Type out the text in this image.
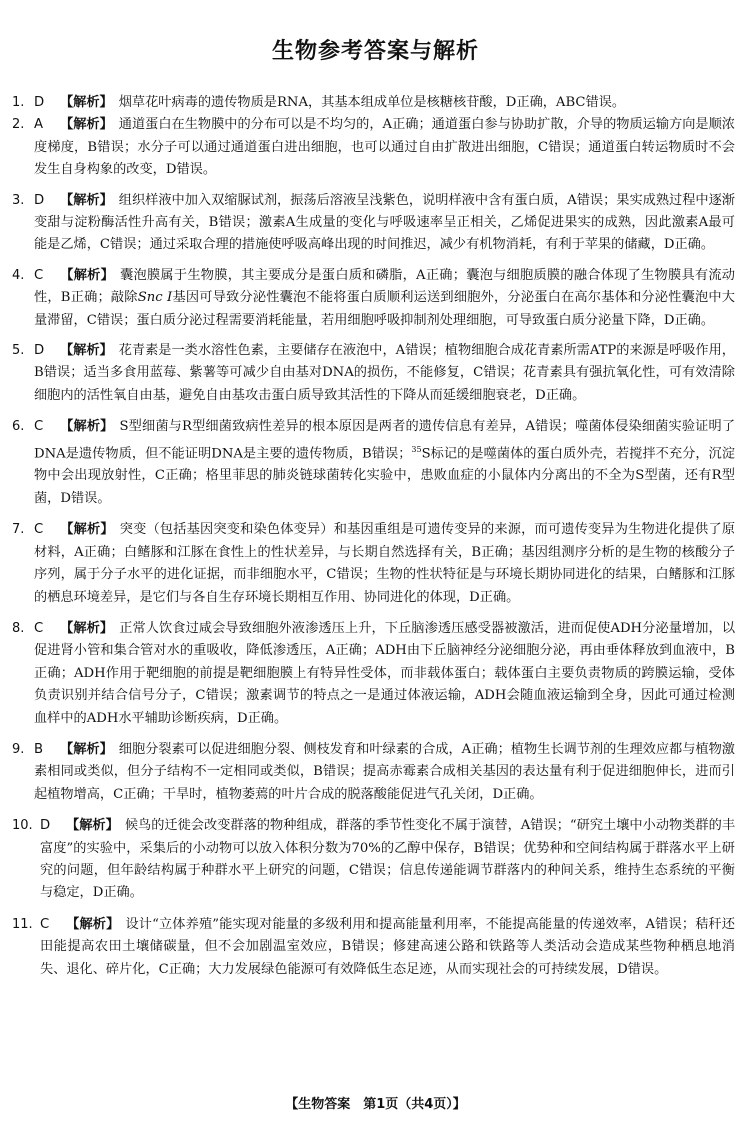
生物参考答案与解析
1. D 【解析】 烟草花叶病毒的遗传物质是RNA，其基本组成单位是核糖核苷酸，D正确，ABC错误。
2. A 【解析】 通道蛋白在生物膜中的分布可以是不均匀的，A正确；通道蛋白参与协助扩散，介导的物质运输方向是顺浓度梯度，B错误；水分子可以通过通道蛋白进出细胞，也可以通过自由扩散进出细胞，C错误；通道蛋白转运物质时不会发生自身构象的改变，D错误。
3. D 【解析】 组织样液中加入双缩脲试剂，振荡后溶液呈浅紫色，说明样液中含有蛋白质，A错误；果实成熟过程中逐渐变甜与淀粉酶活性升高有关，B错误；激素A生成量的变化与呼吸速率呈正相关，乙烯促进果实的成熟，因此激素A最可能是乙烯，C错误；通过采取合理的措施使呼吸高峰出现的时间推迟，减少有机物消耗，有利于苹果的储藏，D正确。
4. C 【解析】 囊泡膜属于生物膜，其主要成分是蛋白质和磷脂，A正确；囊泡与细胞质膜的融合体现了生物膜具有流动性，B正确；敲除Snc I基因可导致分泌性囊泡不能将蛋白质顺利运送到细胞外，分泌蛋白在高尔基体和分泌性囊泡中大量滞留，C错误；蛋白质分泌过程需要消耗能量，若用细胞呼吸抑制剂处理细胞，可导致蛋白质分泌量下降，D正确。
5. D 【解析】 花青素是一类水溶性色素，主要储存在液泡中，A错误；植物细胞合成花青素所需ATP的来源是呼吸作用，B错误；适当多食用蓝莓、紫薯等可减少自由基对DNA的损伤，不能修复，C错误；花青素具有强抗氧化性，可有效清除细胞内的活性氧自由基，避免自由基攻击蛋白质导致其活性的下降从而延缓细胞衰老，D正确。
6. C 【解析】 S型细菌与R型细菌致病性差异的根本原因是两者的遗传信息有差异，A错误；噬菌体侵染细菌实验证明了DNA是遗传物质，但不能证明DNA是主要的遗传物质，B错误；$^{35}$S标记的是噬菌体的蛋白质外壳，若搅拌不充分，沉淀物中会出现放射性，C正确；格里菲思的肺炎链球菌转化实验中，患败血症的小鼠体内分离出的不全为S型菌，还有R型菌，D错误。
7. C 【解析】 突变（包括基因突变和染色体变异）和基因重组是可遗传变异的来源，而可遗传变异为生物进化提供了原材料，A正确；白鳍豚和江豚在食性上的性状差异，与长期自然选择有关，B正确；基因组测序分析的是生物的核酸分子序列，属于分子水平的进化证据，而非细胞水平，C错误；生物的性状特征是与环境长期协同进化的结果，白鳍豚和江豚的栖息环境差异，是它们与各自生存环境长期相互作用、协同进化的体现，D正确。
8. C 【解析】 正常人饮食过咸会导致细胞外液渗透压上升，下丘脑渗透压感受器被激活，进而促使ADH分泌量增加，以促进肾小管和集合管对水的重吸收，降低渗透压，A正确；ADH由下丘脑神经分泌细胞分泌，再由垂体释放到血液中，B正确；ADH作用于靶细胞的前提是靶细胞膜上有特异性受体，而非载体蛋白；载体蛋白主要负责物质的跨膜运输，受体负责识别并结合信号分子，C错误；激素调节的特点之一是通过体液运输，ADH会随血液运输到全身，因此可通过检测血样中的ADH水平辅助诊断疾病，D正确。
9. B 【解析】 细胞分裂素可以促进细胞分裂、侧枝发育和叶绿素的合成，A正确；植物生长调节剂的生理效应都与植物激素相同或类似，但分子结构不一定相同或类似，B错误；提高赤霉素合成相关基因的表达量有利于促进细胞伸长，进而引起植物增高，C正确；干旱时，植物萎蔫的叶片合成的脱落酸能促进气孔关闭，D正确。
10. D 【解析】 候鸟的迁徙会改变群落的物种组成，群落的季节性变化不属于演替，A错误；“研究土壤中小动物类群的丰富度”的实验中，采集后的小动物可以放入体积分数为70%的乙醇中保存，B错误；优势种和空间结构属于群落水平上研究的问题，但年龄结构属于种群水平上研究的问题，C错误；信息传递能调节群落内的种间关系，维持生态系统的平衡与稳定，D正确。
11. C 【解析】 设计“立体养殖”能实现对能量的多级利用和提高能量利用率，不能提高能量的传递效率，A错误；秸秆还田能提高农田土壤储碳量，但不会加剧温室效应，B错误；修建高速公路和铁路等人类活动会造成某些物种栖息地消失、退化、碎片化，C正确；大力发展绿色能源可有效降低生态足迹，从而实现社会的可持续发展，D错误。
【生物答案　第1页（共4页）】
